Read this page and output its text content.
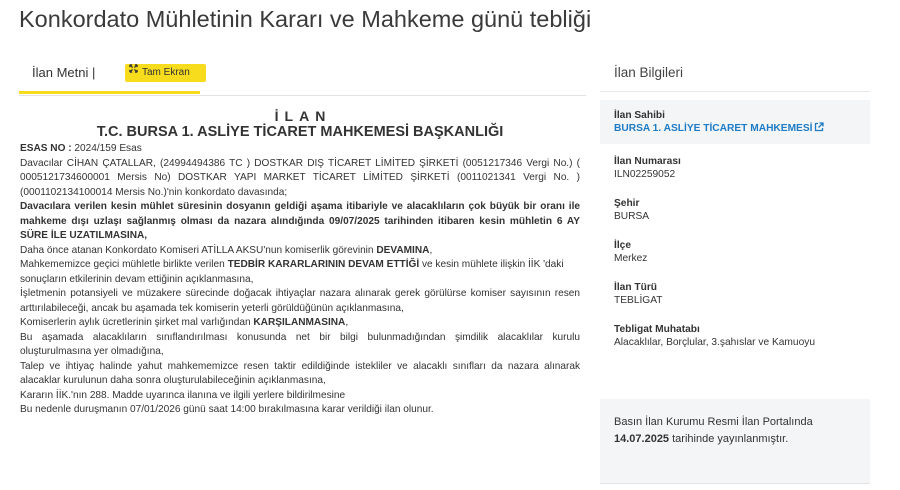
Konkordato Mühletinin Kararı ve Mahkeme günü tebliği
İlan Metni |	Tam Ekran
İLAN
T.C. BURSA 1. ASLİYE TİCARET MAHKEMESİ BAŞKANLIĞI

ESAS NO : 2024/159 Esas

Davacılar CİHAN ÇATALLAR, (24994494386 TC ) DOSTKAR DIŞ TİCARET LİMİTED ŞİRKETİ (0051217346 Vergi No.) ( 0005121734600001 Mersis No) DOSTKAR YAPI MARKET TİCARET LİMİTED ŞİRKETİ (0011021341 Vergi No. )(0001102134100014 Mersis No.)'nin konkordato davasında;

Davacılara verilen kesin mühlet süresinin dosyanın geldiği aşama itibariyle ve alacaklıların çok büyük bir oranı ile mahkeme dışı uzlaşı sağlanmış olması da nazara alındığında 09/07/2025 tarihinden itibaren kesin mühletin 6 AY SÜRE İLE UZATILMASINA,

Daha önce atanan Konkordato Komiseri ATİLLA AKSU'nun komiserlik görevinin DEVAMINA,

Mahkememizce geçici mühletle birlikte verilen TEDBİR KARARLARININ DEVAM ETTİĞİ ve kesin mühlete ilişkin İİK 'daki sonuçların etkilerinin devam ettiğinin açıklanmasına,

İşletmenin potansiyeli ve müzakere sürecinde doğacak ihtiyaçlar nazara alınarak gerek görülürse komiser sayısının resen arttırılabileceği, ancak bu aşamada tek komiserin yeterli görüldüğünün açıklanmasına,

Komiserlerin aylık ücretlerinin şirket mal varlığından KARŞILANMASINA,

Bu aşamada alacaklıların sınıflandırılması konusunda net bir bilgi bulunmadığından şimdilik alacaklılar kurulu oluşturulmasına yer olmadığına,

Talep ve ihtiyaç halinde yahut mahkememizce resen taktir edildiğinde istekliler ve alacaklı sınıfları da nazara alınarak alacaklar kurulunun daha sonra oluşturulabileceğinin açıklanmasına,

Kararın İİK.'nın 288. Madde uyarınca ilanına ve ilgili yerlere bildirilmesine

Bu nedenle duruşmanın 07/01/2026 günü saat 14:00 bırakılmasına karar verildiği ilan olunur.

İlan Bilgileri
İlan Sahibi
BURSA 1. ASLİYE TİCARET MAHKEMESİ
İlan Numarası
ILN02259052
Şehir
BURSA
İlçe
Merkez
İlan Türü
TEBLİGAT
Tebligat Muhatabı
Alacaklılar, Borçlular, 3.şahıslar ve Kamuoyu
Basın İlan Kurumu Resmi İlan Portalında
14.07.2025 tarihinde yayınlanmıştır.
